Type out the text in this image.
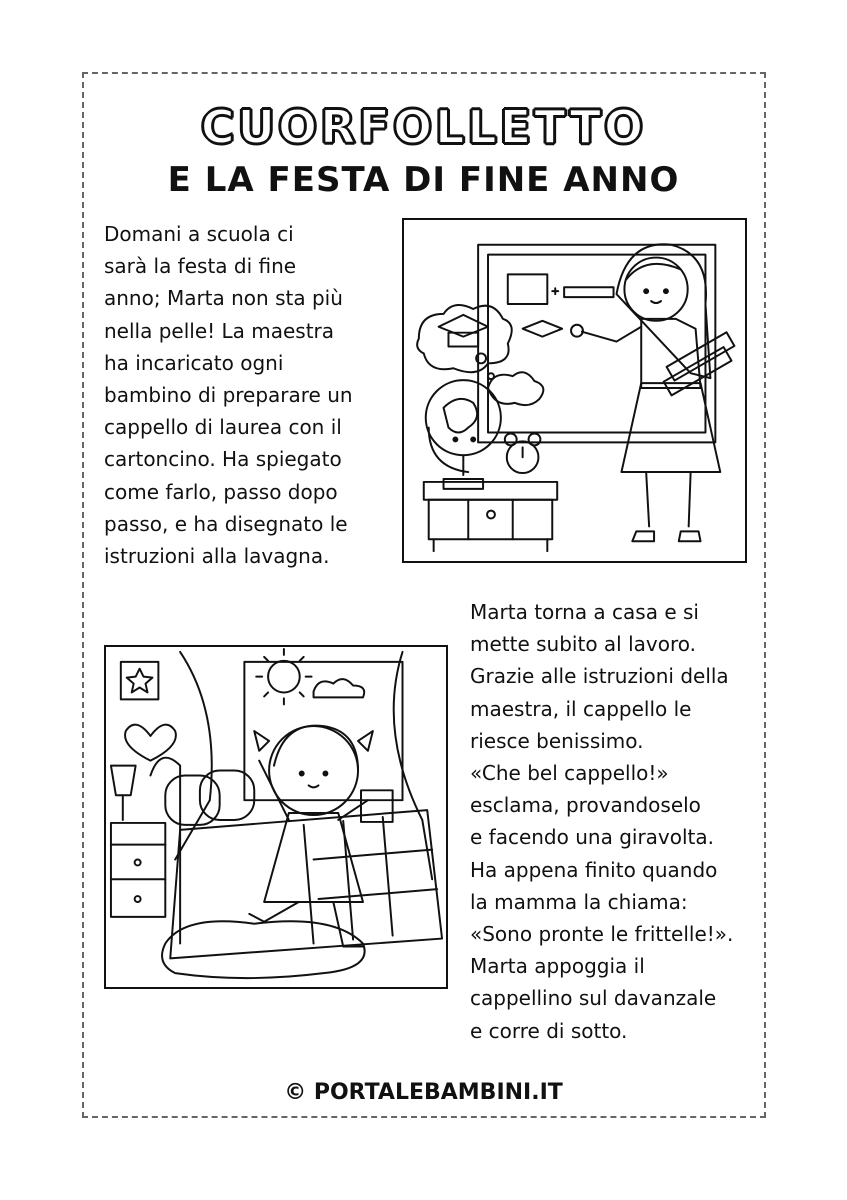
CUORFOLLETTO
E LA FESTA DI FINE ANNO
Domani a scuola ci
sarà la festa di fine
anno; Marta non sta più
nella pelle! La maestra
ha incaricato ogni
bambino di preparare un
cappello di laurea con il
cartoncino. Ha spiegato
come farlo, passo dopo
passo, e ha disegnato le
istruzioni alla lavagna.
Marta torna a casa e si
mette subito al lavoro.
Grazie alle istruzioni della
maestra, il cappello le
riesce benissimo.
«Che bel cappello!»
esclama, provandoselo
e facendo una giravolta.
Ha appena finito quando
la mamma la chiama:
«Sono pronte le frittelle!».
Marta appoggia il
cappellino sul davanzale
e corre di sotto.
© PORTALEBAMBINI.IT
